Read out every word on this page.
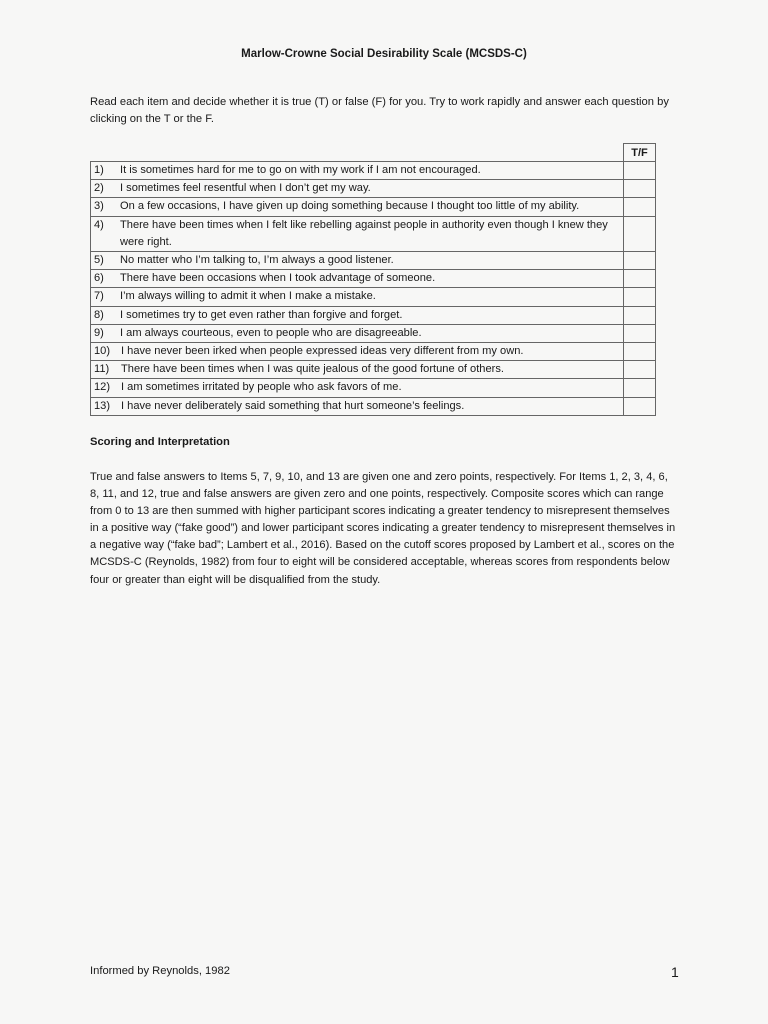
Marlow-Crowne Social Desirability Scale (MCSDS-C)
Read each item and decide whether it is true (T) or false (F) for you. Try to work rapidly and answer each question by clicking on the T or the F.
	T/F

1) It is sometimes hard for me to go on with my work if I am not encouraged.	

2) I sometimes feel resentful when I don’t get my way.	

3) On a few occasions, I have given up doing something because I thought too little of my ability.	

4) There have been times when I felt like rebelling against people in authority even though I knew they were right.	

5) No matter who I’m talking to, I’m always a good listener.	

6) There have been occasions when I took advantage of someone.	

7) I’m always willing to admit it when I make a mistake.	

8) I sometimes try to get even rather than forgive and forget.	

9) I am always courteous, even to people who are disagreeable.	

10) I have never been irked when people expressed ideas very different from my own.	

11) There have been times when I was quite jealous of the good fortune of others.	

12) I am sometimes irritated by people who ask favors of me.	

13) I have never deliberately said something that hurt someone’s feelings.	

Scoring and Interpretation
True and false answers to Items 5, 7, 9, 10, and 13 are given one and zero points, respectively. For Items 1, 2, 3, 4, 6, 8, 11, and 12, true and false answers are given zero and one points, respectively. Composite scores which can range from 0 to 13 are then summed with higher participant scores indicating a greater tendency to misrepresent themselves in a positive way (“fake good”) and lower participant scores indicating a greater tendency to misrepresent themselves in a negative way (“fake bad”; Lambert et al., 2016). Based on the cutoff scores proposed by Lambert et al., scores on the MCSDS-C (Reynolds, 1982) from four to eight will be considered acceptable, whereas scores from respondents below four or greater than eight will be disqualified from the study.
Informed by Reynolds, 1982	1
